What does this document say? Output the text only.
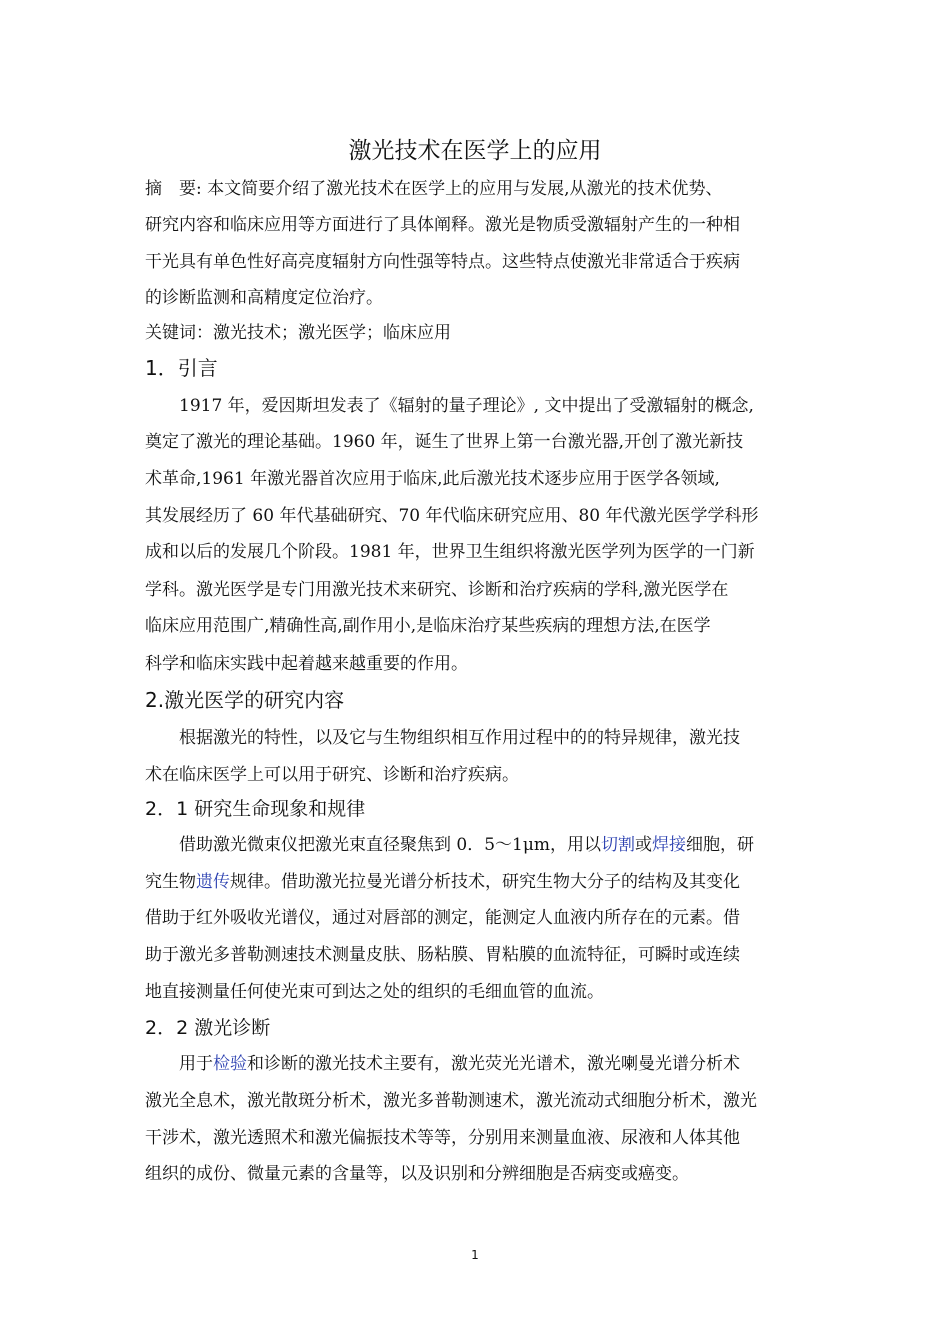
激光技术在医学上的应用
摘　要: 本文简要介绍了激光技术在医学上的应用与发展,从激光的技术优势、
研究内容和临床应用等方面进行了具体阐释。激光是物质受激辐射产生的一种相
干光具有单色性好高亮度辐射方向性强等特点。这些特点使激光非常适合于疾病
的诊断监测和高精度定位治疗。
关键词：激光技术；激光医学；临床应用
1．引言
　　1917 年，爱因斯坦发表了《辐射的量子理论》, 文中提出了受激辐射的概念,
奠定了激光的理论基础。1960 年，诞生了世界上第一台激光器,开创了激光新技
术革命,1961 年激光器首次应用于临床,此后激光技术逐步应用于医学各领域,
其发展经历了 60 年代基础研究、70 年代临床研究应用、80 年代激光医学学科形
成和以后的发展几个阶段。1981 年，世界卫生组织将激光医学列为医学的一门新
学科。激光医学是专门用激光技术来研究、诊断和治疗疾病的学科,激光医学在
临床应用范围广,精确性高,副作用小,是临床治疗某些疾病的理想方法,在医学
科学和临床实践中起着越来越重要的作用。
2.激光医学的研究内容
　　根据激光的特性，以及它与生物组织相互作用过程中的的特异规律，激光技
术在临床医学上可以用于研究、诊断和治疗疾病。
2．1 研究生命现象和规律
　　借助激光微束仪把激光束直径聚焦到 0．5～1μm，用以切割或焊接细胞，研
究生物遗传规律。借助激光拉曼光谱分析技术，研究生物大分子的结构及其变化
借助于红外吸收光谱仪，通过对唇部的测定，能测定人血液内所存在的元素。借
助于激光多普勒测速技术测量皮肤、肠粘膜、胃粘膜的血流特征，可瞬时或连续
地直接测量任何使光束可到达之处的组织的毛细血管的血流。
2．2 激光诊断
　　用于检验和诊断的激光技术主要有，激光荧光光谱术，激光喇曼光谱分析术
激光全息术，激光散斑分析术，激光多普勒测速术，激光流动式细胞分析术，激光
干涉术，激光透照术和激光偏振技术等等，分别用来测量血液、尿液和人体其他
组织的成份、微量元素的含量等，以及识别和分辨细胞是否病变或癌变。
1
